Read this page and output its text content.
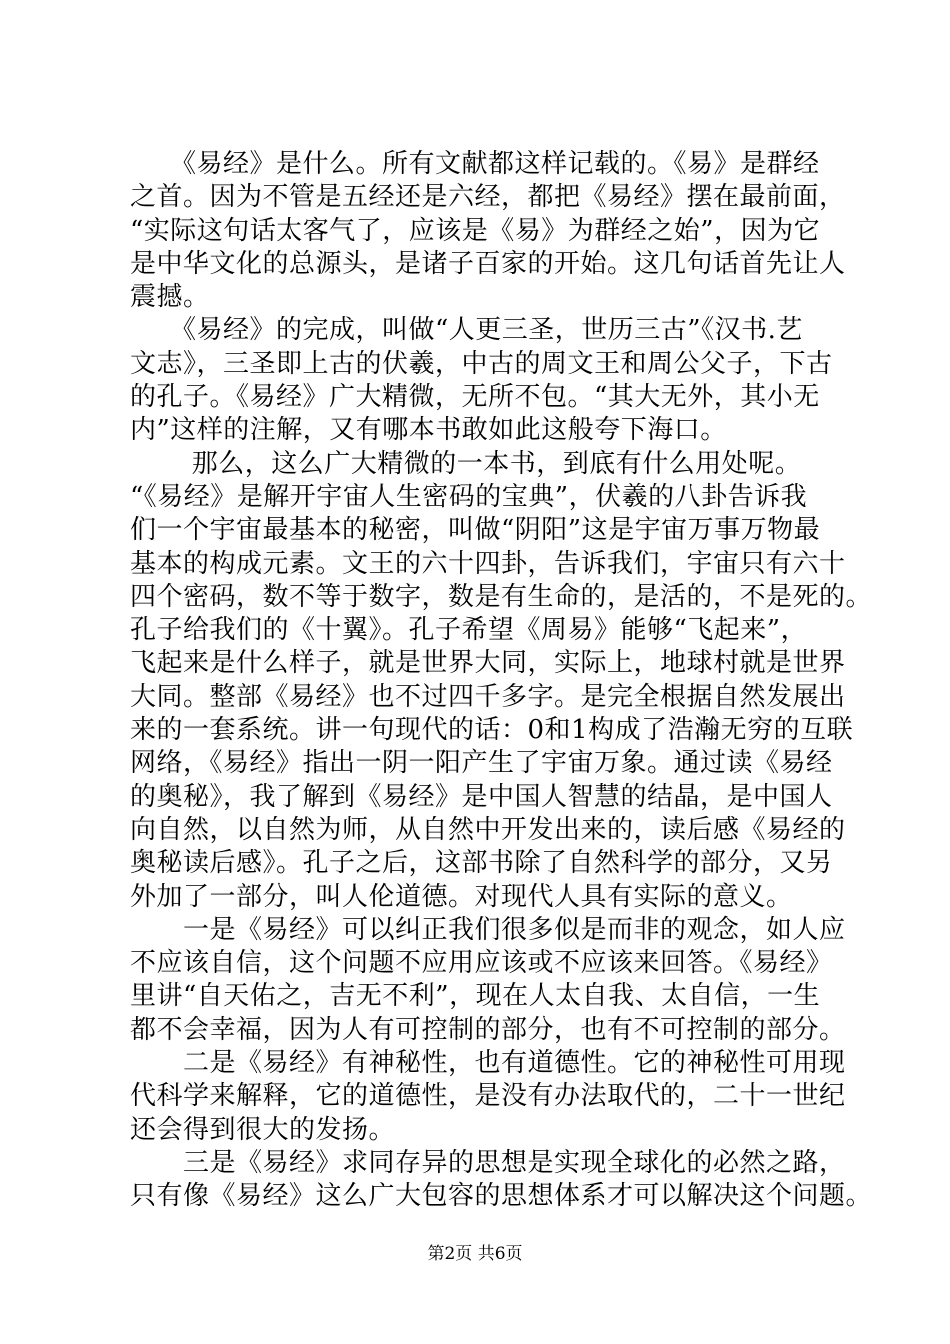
　　《易经》是什么。所有文献都这样记载的。《易》是群经
之首。因为不管是五经还是六经，都把《易经》摆在最前面，
“实际这句话太客气了，应该是《易》为群经之始”，因为它
是中华文化的总源头，是诸子百家的开始。这几句话首先让人
震撼。
　　《易经》的完成，叫做“人更三圣，世历三古”《汉书.艺
文志》，三圣即上古的伏羲，中古的周文王和周公父子，下古
的孔子。《易经》广大精微，无所不包。“其大无外，其小无
内”这样的注解，又有哪本书敢如此这般夸下海口。
　　 那么，这么广大精微的一本书，到底有什么用处呢。
“《易经》是解开宇宙人生密码的宝典”，伏羲的八卦告诉我
们一个宇宙最基本的秘密，叫做“阴阳”这是宇宙万事万物最
基本的构成元素。文王的六十四卦，告诉我们，宇宙只有六十
四个密码，数不等于数字，数是有生命的，是活的，不是死的。
孔子给我们的《十翼》。孔子希望《周易》能够“飞起来”，
飞起来是什么样子，就是世界大同，实际上，地球村就是世界
大同。整部《易经》也不过四千多字。是完全根据自然发展出
来的一套系统。讲一句现代的话：0和1构成了浩瀚无穷的互联
网络，《易经》指出一阴一阳产生了宇宙万象。通过读《易经
的奥秘》，我了解到《易经》是中国人智慧的结晶，是中国人
向自然，以自然为师，从自然中开发出来的，读后感《易经的
奥秘读后感》。孔子之后，这部书除了自然科学的部分，又另
外加了一部分，叫人伦道德。对现代人具有实际的意义。
　　一是《易经》可以纠正我们很多似是而非的观念，如人应
不应该自信，这个问题不应用应该或不应该来回答。《易经》
里讲“自天佑之，吉无不利”，现在人太自我、太自信，一生
都不会幸福，因为人有可控制的部分，也有不可控制的部分。
　　二是《易经》有神秘性，也有道德性。它的神秘性可用现
代科学来解释，它的道德性，是没有办法取代的，二十一世纪
还会得到很大的发扬。
　　三是《易经》求同存异的思想是实现全球化的必然之路，
只有像《易经》这么广大包容的思想体系才可以解决这个问题。
第2页 共6页
